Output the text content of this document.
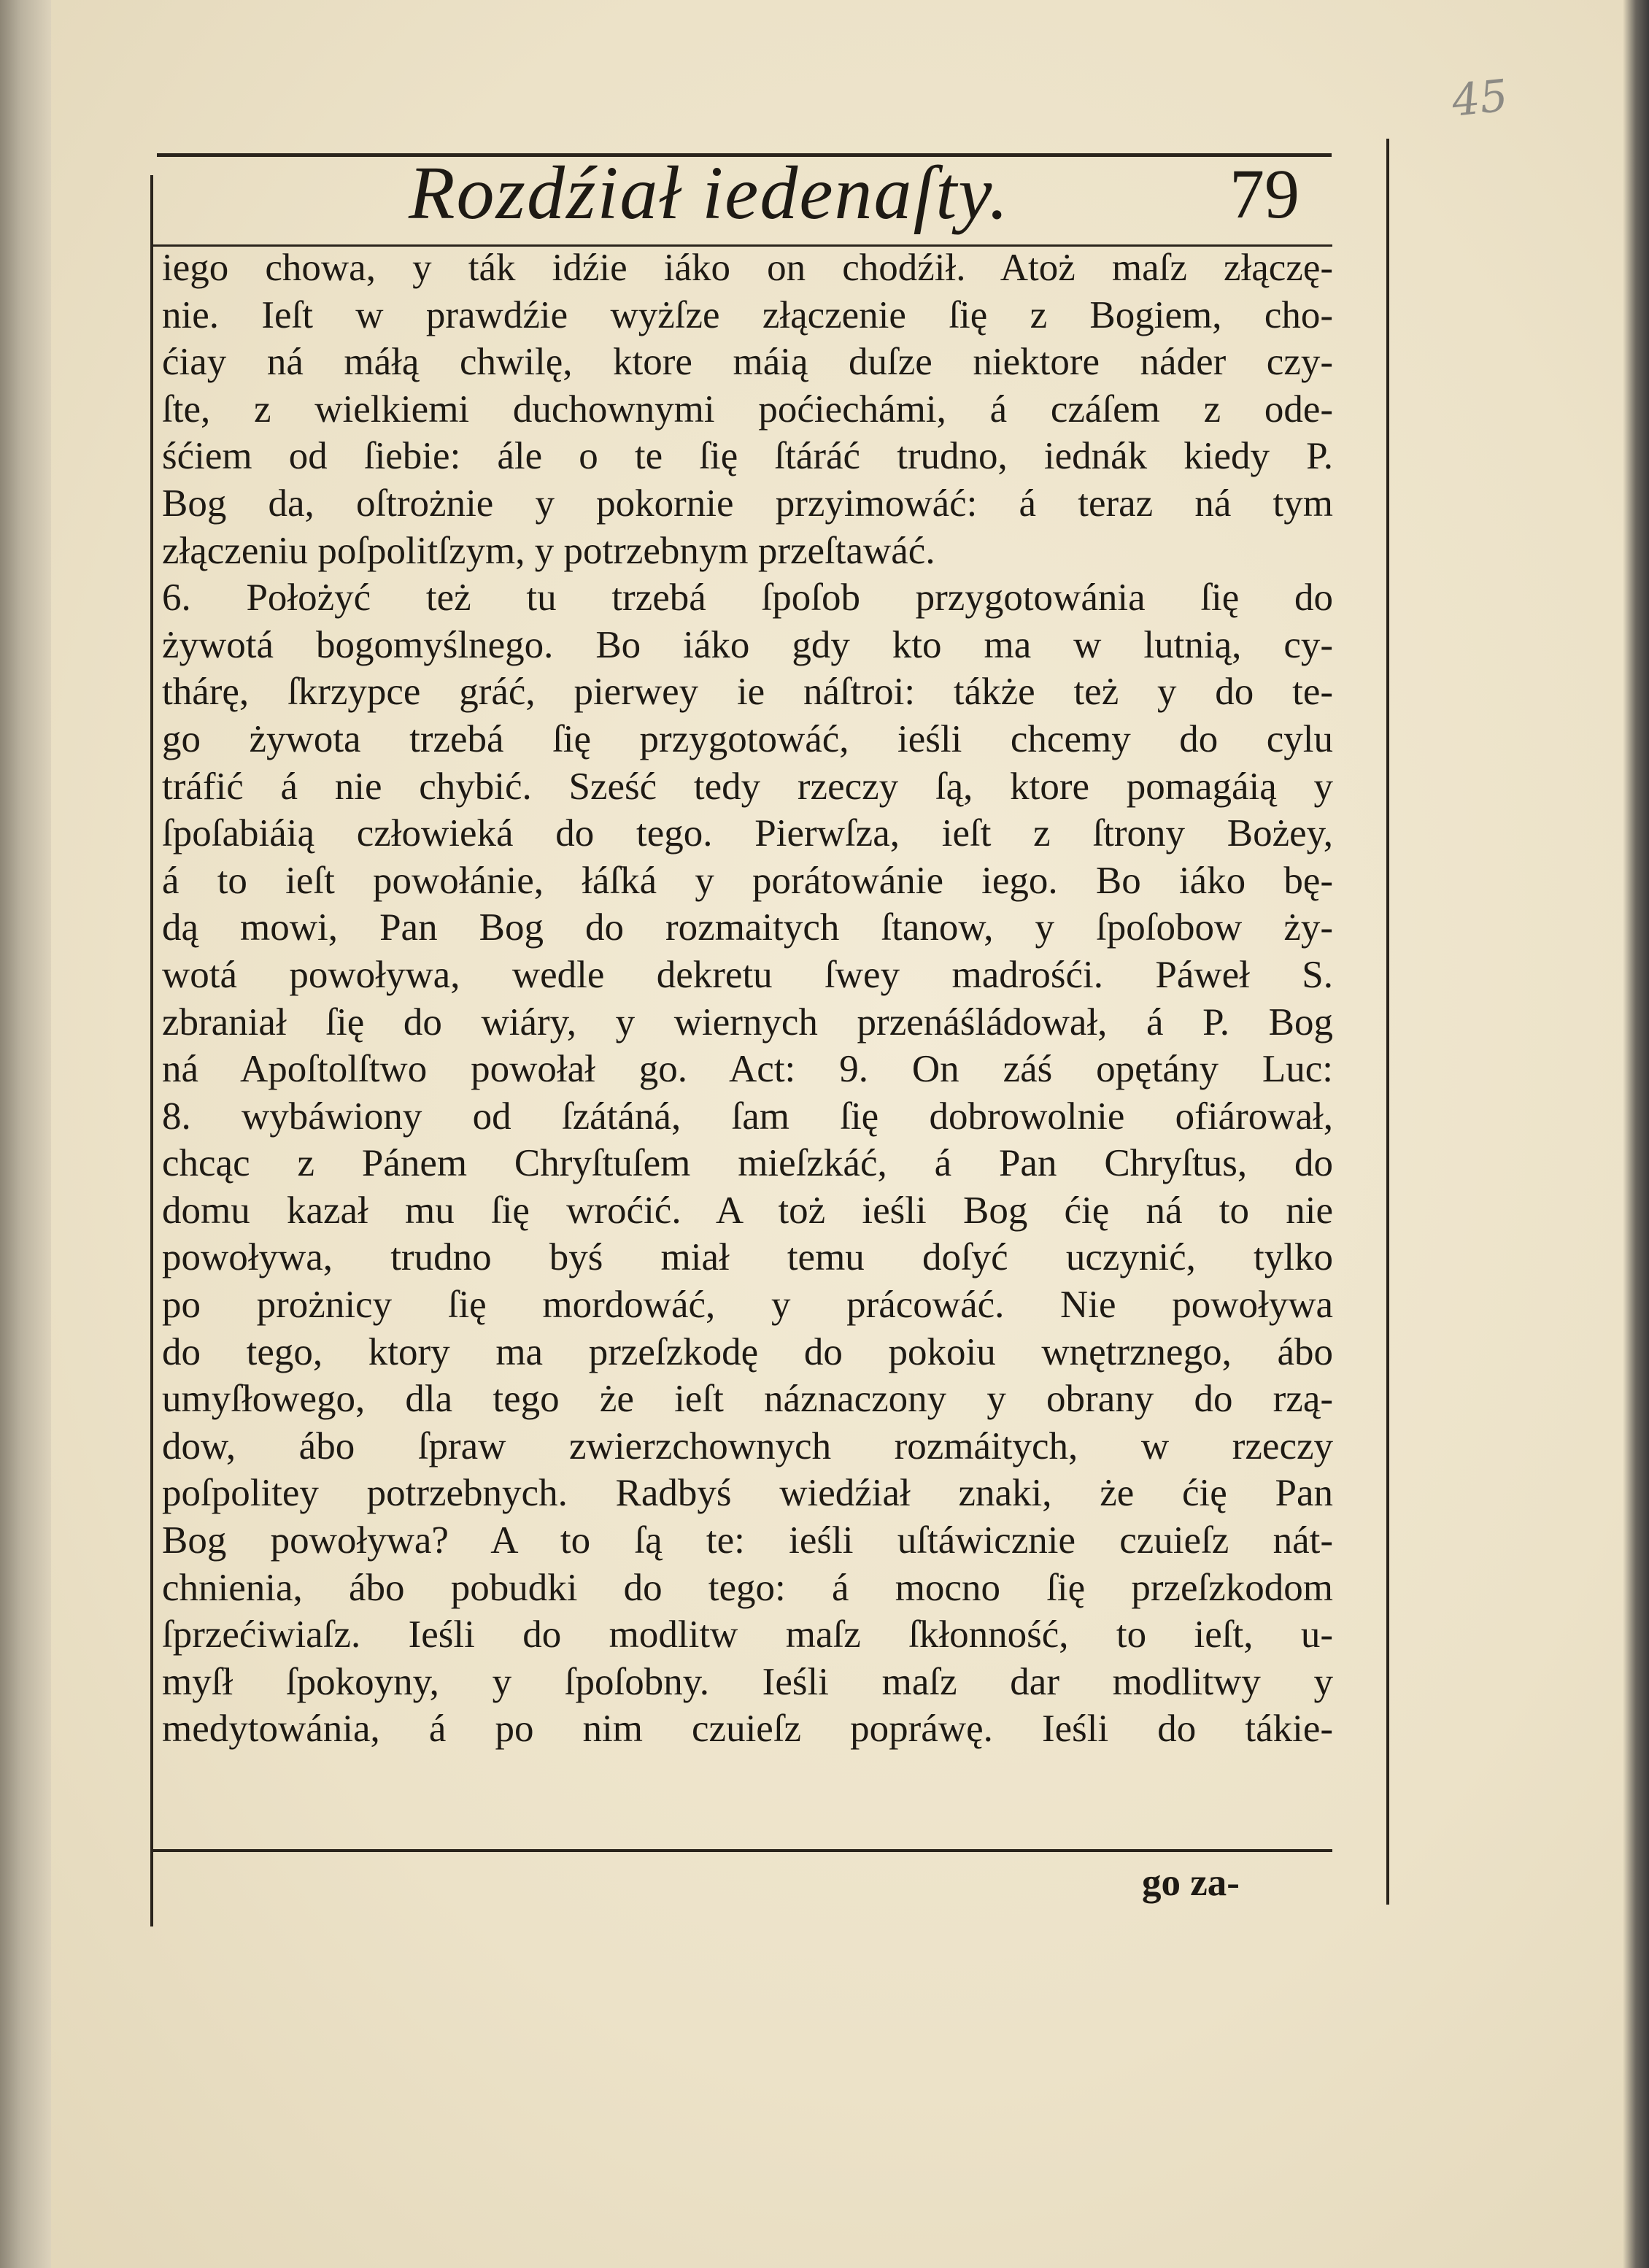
45
Rozdźiał iedenaſty.	79
iego chowa, y ták idźie iáko on chodźił. Atoż maſz złączę-
nie. Ieſt w prawdźie wyżſze złączenie ſię z Bogiem, cho-
ćiay ná máłą chwilę, ktore máią duſze niektore náder czy-
ſte, z wielkiemi duchownymi poćiechámi, á czáſem z ode-
śćiem od ſiebie: ále o te ſię ſtáráć trudno, iednák kiedy P.
Bog da, oſtrożnie y pokornie przyimowáć: á teraz ná tym
złączeniu poſpolitſzym, y potrzebnym przeſtawáć.
6. Położyć też tu trzebá ſpoſob przygotowánia ſię do
żywotá bogomyślnego. Bo iáko gdy kto ma w lutnią, cy-
thárę, ſkrzypce gráć, pierwey ie náſtroi: tákże też y do te-
go żywota trzebá ſię przygotowáć, ieśli chcemy do cylu
tráfić á nie chybić. Sześć tedy rzeczy ſą, ktore pomagáią y
ſpoſabiáią człowieká do tego. Pierwſza, ieſt z ſtrony Bożey,
á to ieſt powołánie, łáſká y porátowánie iego. Bo iáko bę-
dą mowi, Pan Bog do rozmaitych ſtanow, y ſpoſobow ży-
wotá powoływa, wedle dekretu ſwey madrośći. Páweł S.
zbraniał ſię do wiáry, y wiernych przenáśládował, á P. Bog
ná Apoſtolſtwo powołał go. Act: 9. On záś opętány Luc:
8. wybáwiony od ſzátáná, ſam ſię dobrowolnie ofiárował,
chcąc z Pánem Chryſtuſem mieſzkáć, á Pan Chryſtus, do
domu kazał mu ſię wroćić. A toż ieśli Bog ćię ná to nie
powoływa, trudno byś miał temu doſyć uczynić, tylko
po prożnicy ſię mordowáć, y prácowáć. Nie powoływa
do tego, ktory ma przeſzkodę do pokoiu wnętrznego, ábo
umyſłowego, dla tego że ieſt náznaczony y obrany do rzą-
dow, ábo ſpraw zwierzchownych rozmáitych, w rzeczy
poſpolitey potrzebnych. Radbyś wiedźiał znaki, że ćię Pan
Bog powoływa? A to ſą te: ieśli uſtáwicznie czuieſz nát-
chnienia, ábo pobudki do tego: á mocno ſię przeſzkodom
ſprzećiwiaſz. Ieśli do modlitw maſz ſkłonność, to ieſt, u-
myſł ſpokoyny, y ſpoſobny. Ieśli maſz dar modlitwy y
medytowánia, á po nim czuieſz popráwę. Ieśli do tákie-
go za-
